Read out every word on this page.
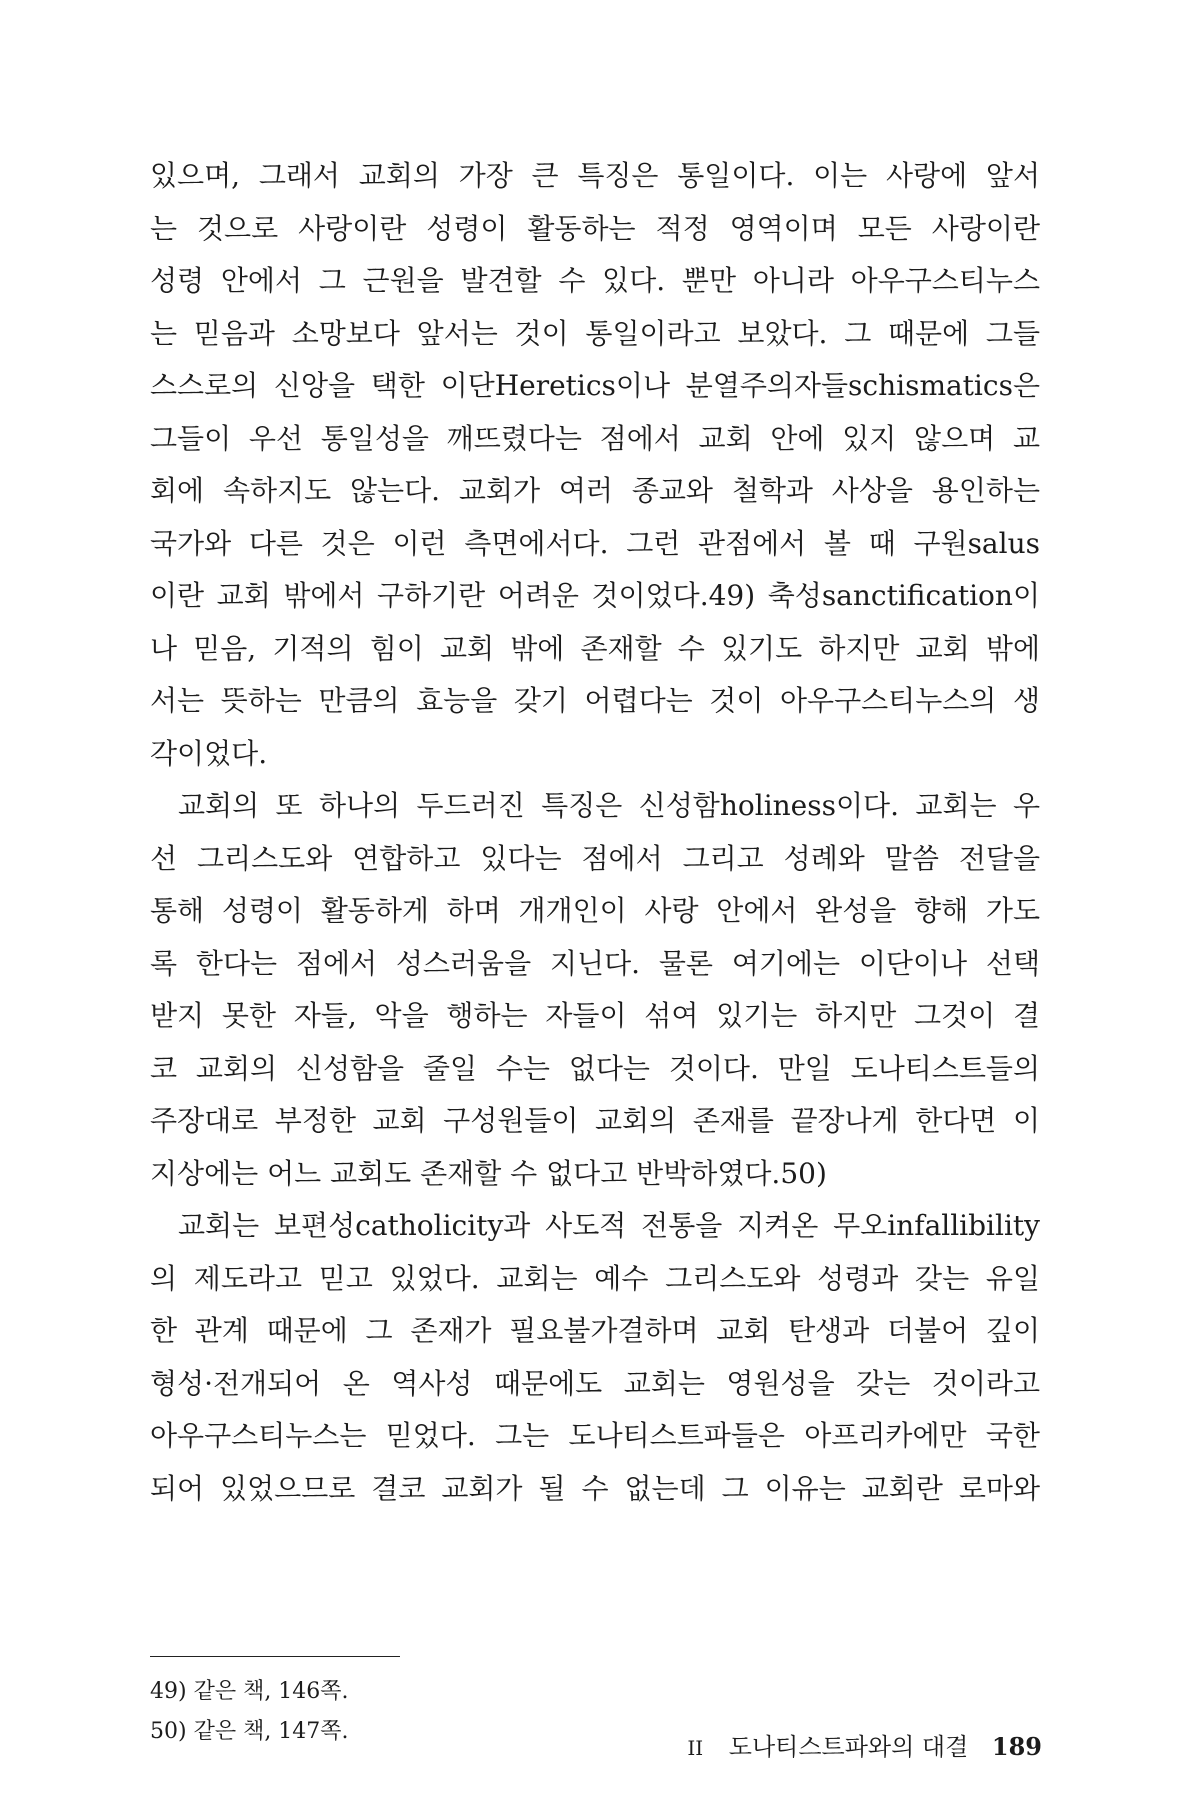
있으며, 그래서 교회의 가장 큰 특징은 통일이다. 이는 사랑에 앞서
는 것으로 사랑이란 성령이 활동하는 적정 영역이며 모든 사랑이란
성령 안에서 그 근원을 발견할 수 있다. 뿐만 아니라 아우구스티누스
는 믿음과 소망보다 앞서는 것이 통일이라고 보았다. 그 때문에 그들
스스로의 신앙을 택한 이단Heretics이나 분열주의자들schismatics은
그들이 우선 통일성을 깨뜨렸다는 점에서 교회 안에 있지 않으며 교
회에 속하지도 않는다. 교회가 여러 종교와 철학과 사상을 용인하는
국가와 다른 것은 이런 측면에서다. 그런 관점에서 볼 때 구원salus
이란 교회 밖에서 구하기란 어려운 것이었다.49) 축성sanctification이
나 믿음, 기적의 힘이 교회 밖에 존재할 수 있기도 하지만 교회 밖에
서는 뜻하는 만큼의 효능을 갖기 어렵다는 것이 아우구스티누스의 생
각이었다.
교회의 또 하나의 두드러진 특징은 신성함holiness이다. 교회는 우
선 그리스도와 연합하고 있다는 점에서 그리고 성례와 말씀 전달을
통해 성령이 활동하게 하며 개개인이 사랑 안에서 완성을 향해 가도
록 한다는 점에서 성스러움을 지닌다. 물론 여기에는 이단이나 선택
받지 못한 자들, 악을 행하는 자들이 섞여 있기는 하지만 그것이 결
코 교회의 신성함을 줄일 수는 없다는 것이다. 만일 도나티스트들의
주장대로 부정한 교회 구성원들이 교회의 존재를 끝장나게 한다면 이
지상에는 어느 교회도 존재할 수 없다고 반박하였다.50)
교회는 보편성catholicity과 사도적 전통을 지켜온 무오infallibility
의 제도라고 믿고 있었다. 교회는 예수 그리스도와 성령과 갖는 유일
한 관계 때문에 그 존재가 필요불가결하며 교회 탄생과 더불어 깊이
형성·전개되어 온 역사성 때문에도 교회는 영원성을 갖는 것이라고
아우구스티누스는 믿었다. 그는 도나티스트파들은 아프리카에만 국한
되어 있었으므로 결코 교회가 될 수 없는데 그 이유는 교회란 로마와
49) 같은 책, 146쪽.
50) 같은 책, 147쪽.
II 도나티스트파와의 대결 189
